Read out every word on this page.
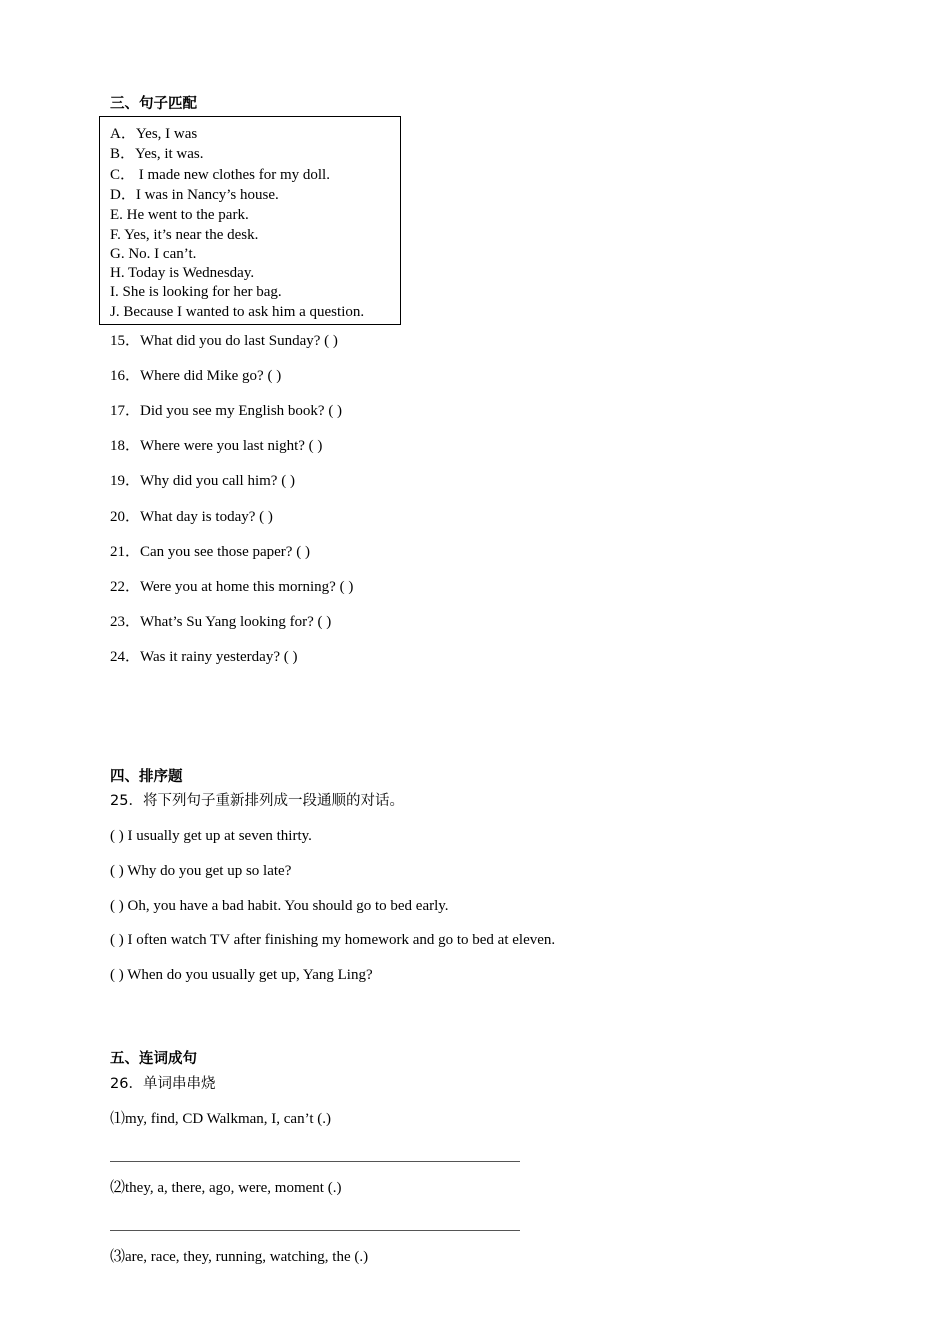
三、句子匹配
A．Yes, I was
B．Yes, it was.
C． I made new clothes for my doll.
D．I was in Nancy’s house.
E. He went to the park.
F. Yes, it’s near the desk.
G. No. I can’t.
H. Today is Wednesday.
I. She is looking for her bag.
J. Because I wanted to ask him a question.
15．What did you do last Sunday? ( )
16．Where did Mike go? ( )
17．Did you see my English book? ( )
18．Where were you last night? ( )
19．Why did you call him? ( )
20．What day is today? ( )
21．Can you see those paper? ( )
22．Were you at home this morning? ( )
23．What’s Su Yang looking for? ( )
24．Was it rainy yesterday? ( )
四、排序题
25．将下列句子重新排列成一段通顺的对话。
( ) I usually get up at seven thirty.
( ) Why do you get up so late?
( ) Oh, you have a bad habit. You should go to bed early.
( ) I often watch TV after finishing my homework and go to bed at eleven.
( ) When do you usually get up, Yang Ling?
五、连词成句
26．单词串串烧
⑴my, find, CD Walkman, I, can’t (.)
⑵they, a, there, ago, were, moment (.)
⑶are, race, they, running, watching, the (.)
